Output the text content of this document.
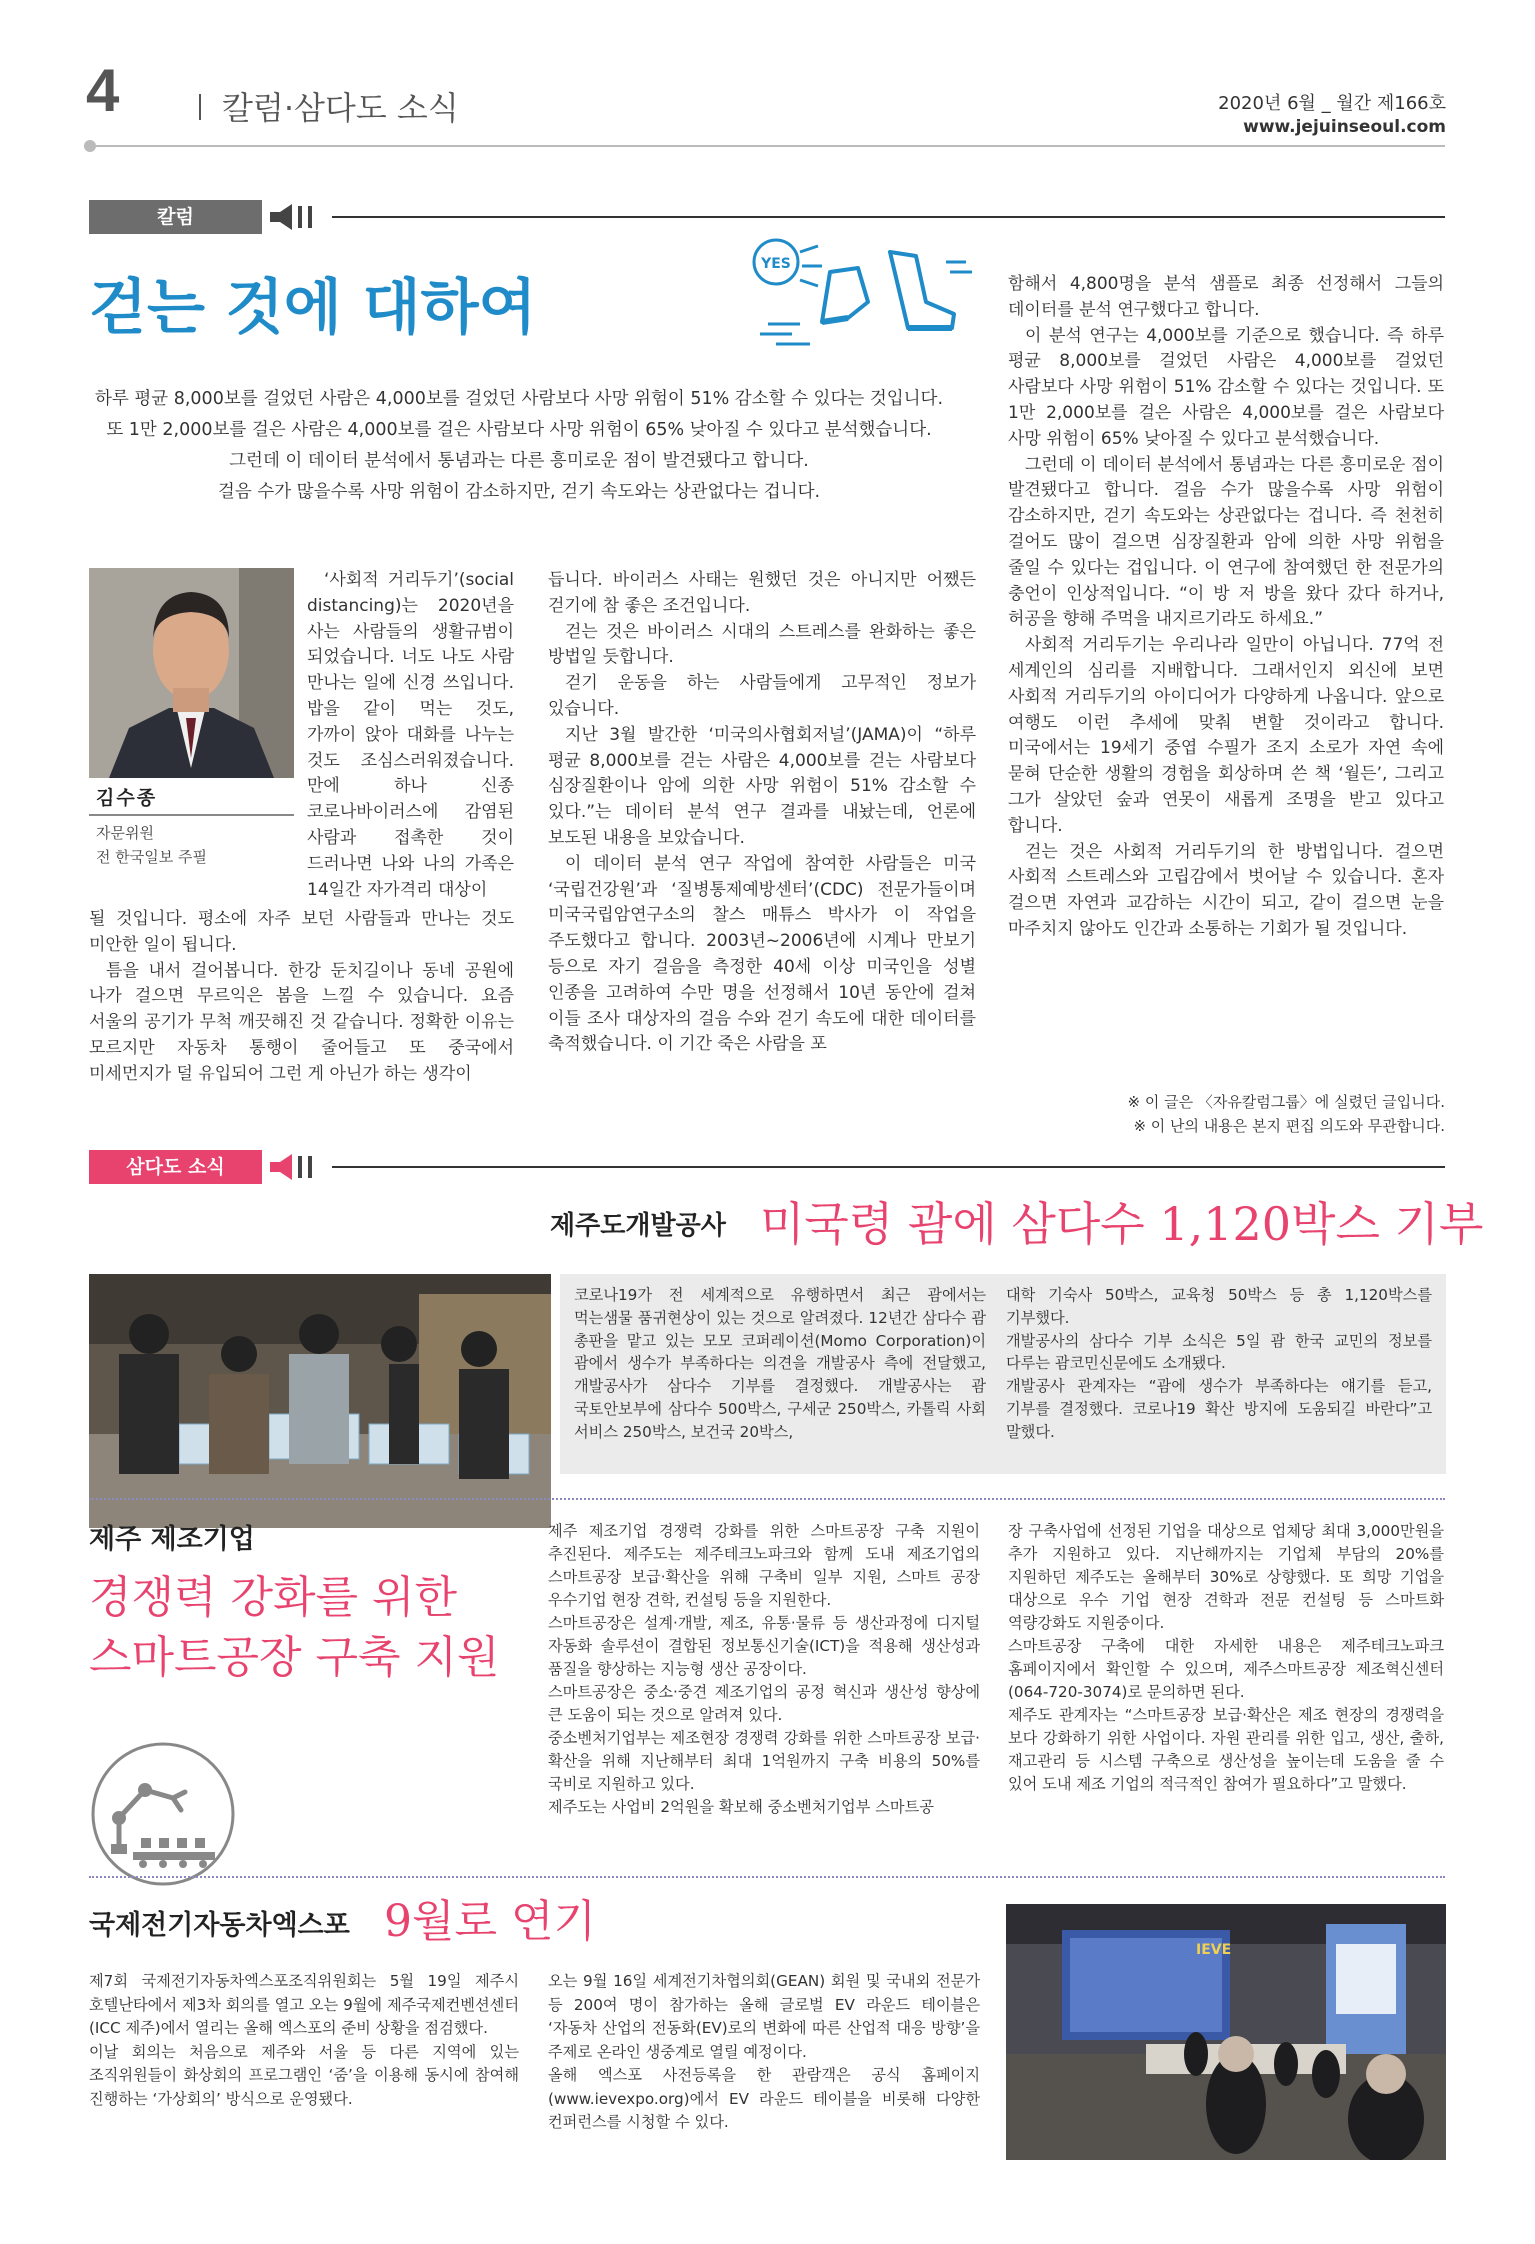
4	칼럼·삼다도 소식	2020년 6월 _ 월간 제166호
www.jejuinseoul.com
칼럼
걷는 것에 대하여
YES
하루 평균 8,000보를 걸었던 사람은 4,000보를 걸었던 사람보다 사망 위험이 51% 감소할 수 있다는 것입니다.
또 1만 2,000보를 걸은 사람은 4,000보를 걸은 사람보다 사망 위험이 65% 낮아질 수 있다고 분석했습니다.
그런데 이 데이터 분석에서 통념과는 다른 흥미로운 점이 발견됐다고 합니다.
걸음 수가 많을수록 사망 위험이 감소하지만, 걷기 속도와는 상관없다는 겁니다.
김수종
자문위원
전 한국일보 주필

‘사회적 거리두기’(social distancing)는 2020년을 사는 사람들의 생활규범이 되었습니다. 너도 나도 사람 만나는 일에 신경 쓰입니다. 밥을 같이 먹는 것도, 가까이 앉아 대화를 나누는 것도 조심스러워졌습니다. 만에 하나 신종 코로나바이러스에 감염된 사람과 접촉한 것이 드러나면 나와 나의 가족은 14일간 자가격리 대상이

될 것입니다. 평소에 자주 보던 사람들과 만나는 것도 미안한 일이 됩니다.

틈을 내서 걸어봅니다. 한강 둔치길이나 동네 공원에 나가 걸으면 무르익은 봄을 느낄 수 있습니다. 요즘 서울의 공기가 무척 깨끗해진 것 같습니다. 정확한 이유는 모르지만 자동차 통행이 줄어들고 또 중국에서 미세먼지가 덜 유입되어 그런 게 아닌가 하는 생각이

듭니다. 바이러스 사태는 원했던 것은 아니지만 어쨌든 걷기에 참 좋은 조건입니다.

걷는 것은 바이러스 시대의 스트레스를 완화하는 좋은 방법일 듯합니다.

걷기 운동을 하는 사람들에게 고무적인 정보가 있습니다.

지난 3월 발간한 ‘미국의사협회저널’(JAMA)이 “하루 평균 8,000보를 걷는 사람은 4,000보를 걷는 사람보다 심장질환이나 암에 의한 사망 위험이 51% 감소할 수 있다.”는 데이터 분석 연구 결과를 내놨는데, 언론에 보도된 내용을 보았습니다.

이 데이터 분석 연구 작업에 참여한 사람들은 미국 ‘국립건강원’과 ‘질병통제예방센터’(CDC) 전문가들이며 미국국립암연구소의 찰스 매튜스 박사가 이 작업을 주도했다고 합니다. 2003년~2006년에 시계나 만보기 등으로 자기 걸음을 측정한 40세 이상 미국인을 성별 인종을 고려하여 수만 명을 선정해서 10년 동안에 걸쳐 이들 조사 대상자의 걸음 수와 걷기 속도에 대한 데이터를 축적했습니다. 이 기간 죽은 사람을 포

함해서 4,800명을 분석 샘플로 최종 선정해서 그들의 데이터를 분석 연구했다고 합니다.

이 분석 연구는 4,000보를 기준으로 했습니다. 즉 하루 평균 8,000보를 걸었던 사람은 4,000보를 걸었던 사람보다 사망 위험이 51% 감소할 수 있다는 것입니다. 또 1만 2,000보를 걸은 사람은 4,000보를 걸은 사람보다 사망 위험이 65% 낮아질 수 있다고 분석했습니다.

그런데 이 데이터 분석에서 통념과는 다른 흥미로운 점이 발견됐다고 합니다. 걸음 수가 많을수록 사망 위험이 감소하지만, 걷기 속도와는 상관없다는 겁니다. 즉 천천히 걸어도 많이 걸으면 심장질환과 암에 의한 사망 위험을 줄일 수 있다는 겁입니다. 이 연구에 참여했던 한 전문가의 충언이 인상적입니다. “이 방 저 방을 왔다 갔다 하거나, 허공을 향해 주먹을 내지르기라도 하세요.”

사회적 거리두기는 우리나라 일만이 아닙니다. 77억 전 세계인의 심리를 지배합니다. 그래서인지 외신에 보면 사회적 거리두기의 아이디어가 다양하게 나옵니다. 앞으로 여행도 이런 추세에 맞춰 변할 것이라고 합니다. 미국에서는 19세기 중엽 수필가 조지 소로가 자연 속에 묻혀 단순한 생활의 경험을 회상하며 쓴 책 ‘월든’, 그리고 그가 살았던 숲과 연못이 새롭게 조명을 받고 있다고 합니다.

걷는 것은 사회적 거리두기의 한 방법입니다. 걸으면 사회적 스트레스와 고립감에서 벗어날 수 있습니다. 혼자 걸으면 자연과 교감하는 시간이 되고, 같이 걸으면 눈을 마주치지 않아도 인간과 소통하는 기회가 될 것입니다.

※ 이 글은 〈자유칼럼그룹〉에 실렸던 글입니다.
※ 이 난의 내용은 본지 편집 의도와 무관합니다.
삼다도 소식
제주도개발공사 미국령 괌에 삼다수 1,120박스 기부

코로나19가 전 세계적으로 유행하면서 최근 괌에서는 먹는샘물 품귀현상이 있는 것으로 알려졌다. 12년간 삼다수 괌 총판을 맡고 있는 모모 코퍼레이션(Momo Corporation)이 괌에서 생수가 부족하다는 의견을 개발공사 측에 전달했고, 개발공사가 삼다수 기부를 결정했다. 개발공사는 괌 국토안보부에 삼다수 500박스, 구세군 250박스, 카톨릭 사회 서비스 250박스, 보건국 20박스,

대학 기숙사 50박스, 교육청 50박스 등 총 1,120박스를 기부했다.

개발공사의 삼다수 기부 소식은 5일 괌 한국 교민의 정보를 다루는 괌코민신문에도 소개됐다.

개발공사 관계자는 “괌에 생수가 부족하다는 얘기를 듣고, 기부를 결정했다. 코로나19 확산 방지에 도움되길 바란다”고 말했다.

제주 제조기업
경쟁력 강화를 위한
스마트공장 구축 지원

제주 제조기업 경쟁력 강화를 위한 스마트공장 구축 지원이 추진된다. 제주도는 제주테크노파크와 함께 도내 제조기업의 스마트공장 보급·확산을 위해 구축비 일부 지원, 스마트 공장 우수기업 현장 견학, 컨설팅 등을 지원한다.

스마트공장은 설계·개발, 제조, 유통·물류 등 생산과정에 디지털 자동화 솔루션이 결합된 정보통신기술(ICT)을 적용해 생산성과 품질을 향상하는 지능형 생산 공장이다.

스마트공장은 중소·중견 제조기업의 공정 혁신과 생산성 향상에 큰 도움이 되는 것으로 알려져 있다.

중소벤처기업부는 제조현장 경쟁력 강화를 위한 스마트공장 보급·확산을 위해 지난해부터 최대 1억원까지 구축 비용의 50%를 국비로 지원하고 있다.

제주도는 사업비 2억원을 확보해 중소벤처기업부 스마트공

장 구축사업에 선정된 기업을 대상으로 업체당 최대 3,000만원을 추가 지원하고 있다. 지난해까지는 기업체 부담의 20%를 지원하던 제주도는 올해부터 30%로 상향했다. 또 희망 기업을 대상으로 우수 기업 현장 견학과 전문 컨설팅 등 스마트화 역량강화도 지원중이다.

스마트공장 구축에 대한 자세한 내용은 제주테크노파크 홈페이지에서 확인할 수 있으며, 제주스마트공장 제조혁신센터(064-720-3074)로 문의하면 된다.

제주도 관계자는 “스마트공장 보급·확산은 제조 현장의 경쟁력을 보다 강화하기 위한 사업이다. 자원 관리를 위한 입고, 생산, 출하, 재고관리 등 시스템 구축으로 생산성을 높이는데 도움을 줄 수 있어 도내 제조 기업의 적극적인 참여가 필요하다”고 말했다.

국제전기자동차엑스포 9월로 연기

제7회 국제전기자동차엑스포조직위원회는 5월 19일 제주시 호텔난타에서 제3차 회의를 열고 오는 9월에 제주국제컨벤션센터(ICC 제주)에서 열리는 올해 엑스포의 준비 상황을 점검했다.

이날 회의는 처음으로 제주와 서울 등 다른 지역에 있는 조직위원들이 화상회의 프로그램인 ‘줌’을 이용해 동시에 참여해 진행하는 ‘가상회의’ 방식으로 운영됐다.

오는 9월 16일 세계전기차협의회(GEAN) 회원 및 국내외 전문가 등 200여 명이 참가하는 올해 글로벌 EV 라운드 테이블은 ‘자동차 산업의 전동화(EV)로의 변화에 따른 산업적 대응 방향’을 주제로 온라인 생중계로 열릴 예정이다.

올해 엑스포 사전등록을 한 관람객은 공식 홈페이지(www.ievexpo.org)에서 EV 라운드 테이블을 비롯해 다양한 컨퍼런스를 시청할 수 있다.

IEVE
